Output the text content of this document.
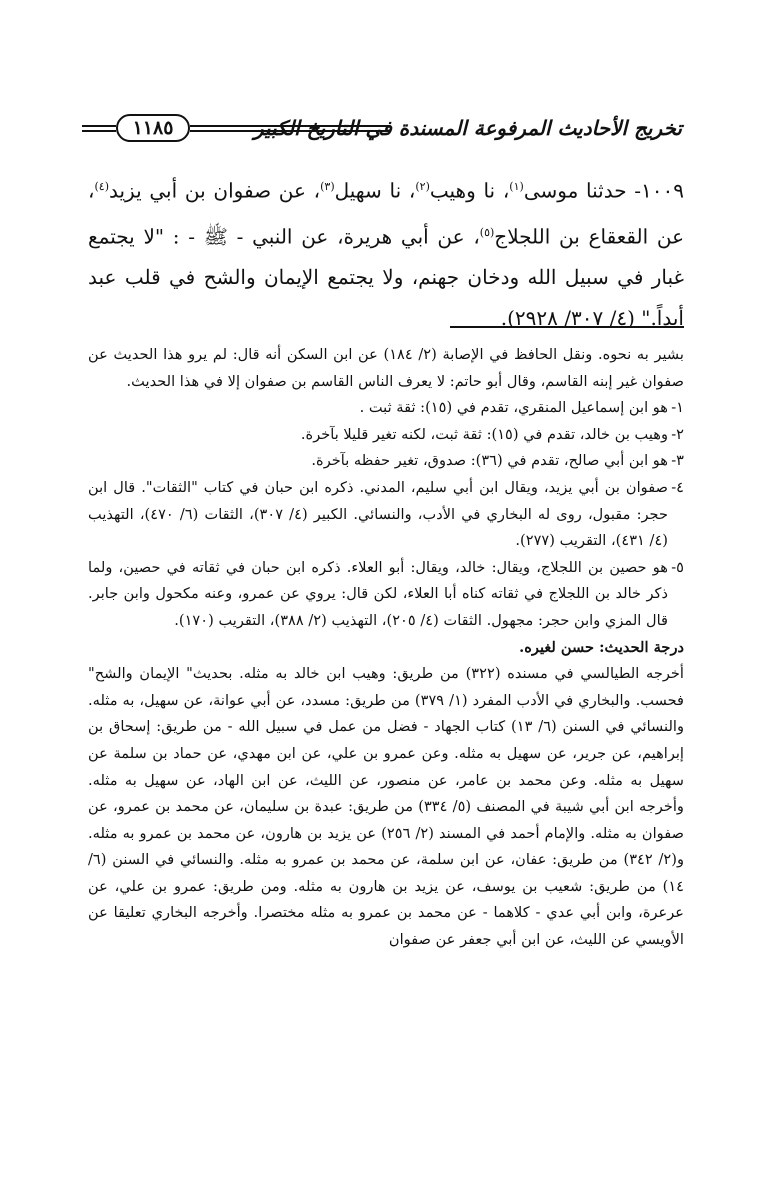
تخريج الأحاديث المرفوعة المسندة في التاريخ الكبير
١١٨٥
١٠٠٩- حدثنا موسى$^{(١)}$، نا وهيب$^{(٢)}$، نا سهيل$^{(٣)}$، عن صفوان بن أبي يزيد$^{(٤)}$، عن القعقاع بن اللجلاج$^{(٥)}$، عن أبي هريرة، عن النبي - ﷺ - : "لا يجتمع غبار في سبيل الله ودخان جهنم، ولا يجتمع الإيمان والشح في قلب عبد أبداً." (٤/ ٣٠٧/ ٢٩٢٨).

بشير به نحوه. ونقل الحافظ في الإصابة (٢/ ١٨٤) عن ابن السكن أنه قال: لم يرو هذا الحديث عن صفوان غير إبنه القاسم، وقال أبو حاتم: لا يعرف الناس القاسم بن صفوان إلا في هذا الحديث.

١-
هو ابن إسماعيل المنقري، تقدم في (١٥): ثقة ثبت .
٢-
وهيب بن خالد، تقدم في (١٥): ثقة ثبت، لكنه تغير قليلا بآخرة.
٣-
هو ابن أبي صالح، تقدم في (٣٦): صدوق، تغير حفظه بآخرة.
٤-
صفوان بن أبي يزيد، ويقال ابن أبي سليم، المدني. ذكره ابن حبان في كتاب "الثقات". قال ابن حجر: مقبول، روى له البخاري في الأدب، والنسائي. الكبير (٤/ ٣٠٧)، الثقات (٦/ ٤٧٠)، التهذيب (٤/ ٤٣١)، التقريب (٢٧٧).
٥-
هو حصين بن اللجلاج، ويقال: خالد، ويقال: أبو العلاء. ذكره ابن حبان في ثقاته في حصين، ولما ذكر خالد بن اللجلاج في ثقاته كناه أبا العلاء، لكن قال: يروي عن عمرو، وعنه مكحول وابن جابر. قال المزي وابن حجر: مجهول. الثقات (٤/ ٢٠٥)، التهذيب (٢/ ٣٨٨)، التقريب (١٧٠).
درجة الحديث: حسن لغيره.

أخرجه الطيالسي في مسنده (٣٢٢) من طريق: وهيب ابن خالد به مثله. بحديث" الإيمان والشح" فحسب. والبخاري في الأدب المفرد (١/ ٣٧٩) من طريق: مسدد، عن أبي عوانة، عن سهيل، به مثله. والنسائي في السنن (٦/ ١٣) كتاب الجهاد - فضل من عمل في سبيل الله - من طريق: إسحاق بن إبراهيم، عن جرير، عن سهيل به مثله. وعن عمرو بن علي، عن ابن مهدي، عن حماد بن سلمة عن سهيل به مثله. وعن محمد بن عامر، عن منصور، عن الليث، عن ابن الهاد، عن سهيل به مثله. وأخرجه ابن أبي شيبة في المصنف (٥/ ٣٣٤) من طريق: عبدة بن سليمان، عن محمد بن عمرو، عن صفوان به مثله. والإمام أحمد في المسند (٢/ ٢٥٦) عن يزيد بن هارون، عن محمد بن عمرو به مثله. و(٢/ ٣٤٢) من طريق: عفان، عن ابن سلمة، عن محمد بن عمرو به مثله. والنسائي في السنن (٦/ ١٤) من طريق: شعيب بن يوسف، عن يزيد بن هارون به مثله. ومن طريق: عمرو بن علي، عن عرعرة، وابن أبي عدي - كلاهما - عن محمد بن عمرو به مثله مختصرا. وأخرجه البخاري تعليقا عن الأويسي عن الليث، عن ابن أبي جعفر عن صفوان
